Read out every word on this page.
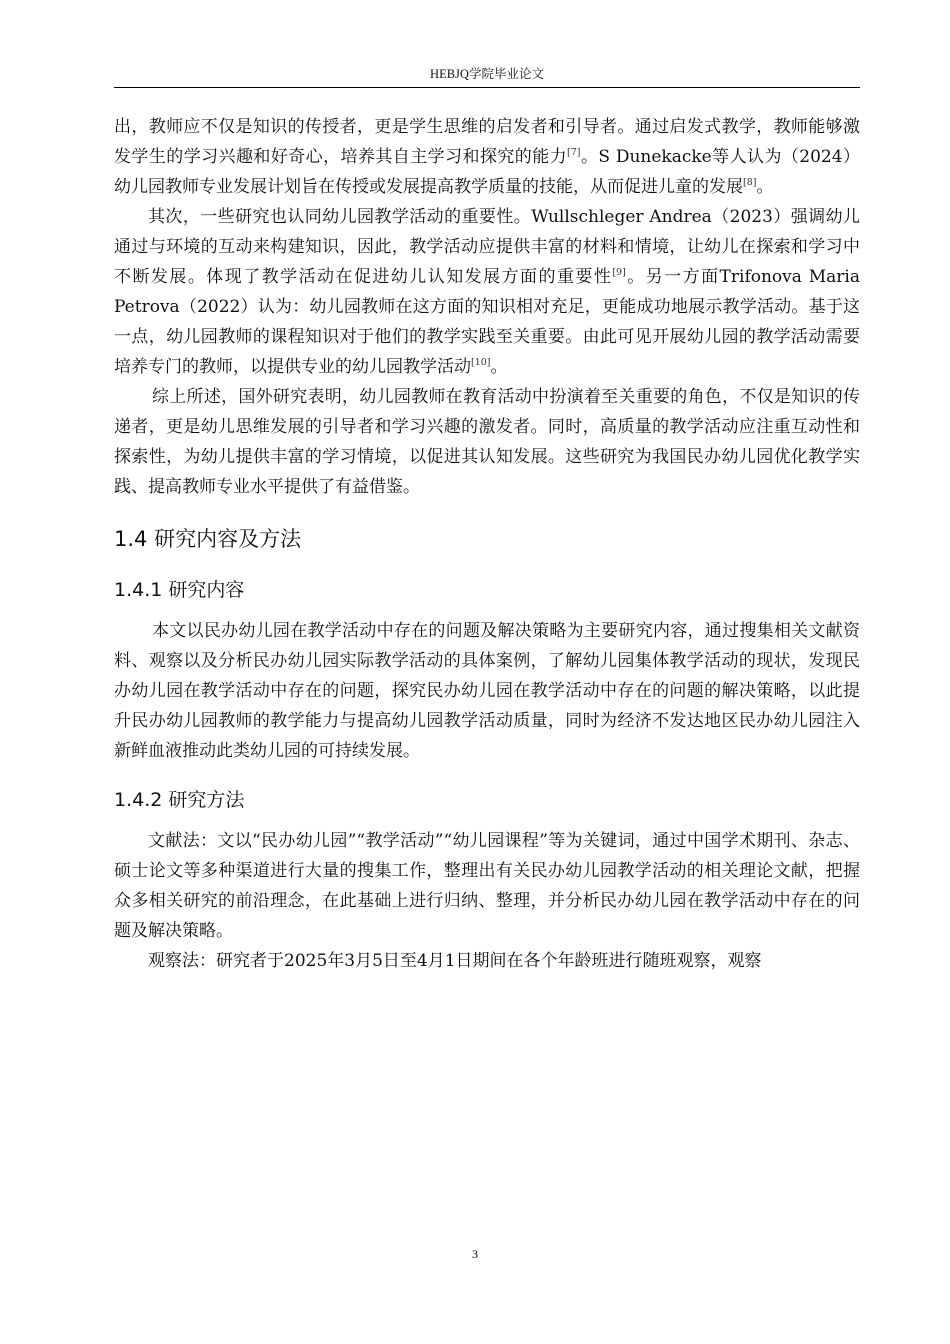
HEBJQ学院毕业论文

出，教师应不仅是知识的传授者，更是学生思维的启发者和引导者。通过启发式教学，教师能够激发学生的学习兴趣和好奇心，培养其自主学习和探究的能力[7]。S Dunekacke等人认为（2024）幼儿园教师专业发展计划旨在传授或发展提高教学质量的技能，从而促进儿童的发展[8]。

其次，一些研究也认同幼儿园教学活动的重要性。Wullschleger Andrea（2023）强调幼儿通过与环境的互动来构建知识，因此，教学活动应提供丰富的材料和情境，让幼儿在探索和学习中不断发展。体现了教学活动在促进幼儿认知发展方面的重要性[9]。另一方面Trifonova Maria Petrova（2022）认为：幼儿园教师在这方面的知识相对充足，更能成功地展示教学活动。基于这一点，幼儿园教师的课程知识对于他们的教学实践至关重要。由此可见开展幼儿园的教学活动需要培养专门的教师，以提供专业的幼儿园教学活动[10]。

综上所述，国外研究表明，幼儿园教师在教育活动中扮演着至关重要的角色，不仅是知识的传递者，更是幼儿思维发展的引导者和学习兴趣的激发者。同时，高质量的教学活动应注重互动性和探索性，为幼儿提供丰富的学习情境，以促进其认知发展。这些研究为我国民办幼儿园优化教学实践、提高教师专业水平提供了有益借鉴。

1.4 研究内容及方法
1.4.1 研究内容

本文以民办幼儿园在教学活动中存在的问题及解决策略为主要研究内容，通过搜集相关文献资料、观察以及分析民办幼儿园实际教学活动的具体案例，了解幼儿园集体教学活动的现状，发现民办幼儿园在教学活动中存在的问题，探究民办幼儿园在教学活动中存在的问题的解决策略，以此提升民办幼儿园教师的教学能力与提高幼儿园教学活动质量，同时为经济不发达地区民办幼儿园注入新鲜血液推动此类幼儿园的可持续发展。

1.4.2 研究方法

文献法：文以“民办幼儿园”“教学活动”“幼儿园课程”等为关键词，通过中国学术期刊、杂志、硕士论文等多种渠道进行大量的搜集工作，整理出有关民办幼儿园教学活动的相关理论文献，把握众多相关研究的前沿理念，在此基础上进行归纳、整理，并分析民办幼儿园在教学活动中存在的问题及解决策略。

观察法：研究者于2025年3月5日至4月1日期间在各个年龄班进行随班观察，观察

3
